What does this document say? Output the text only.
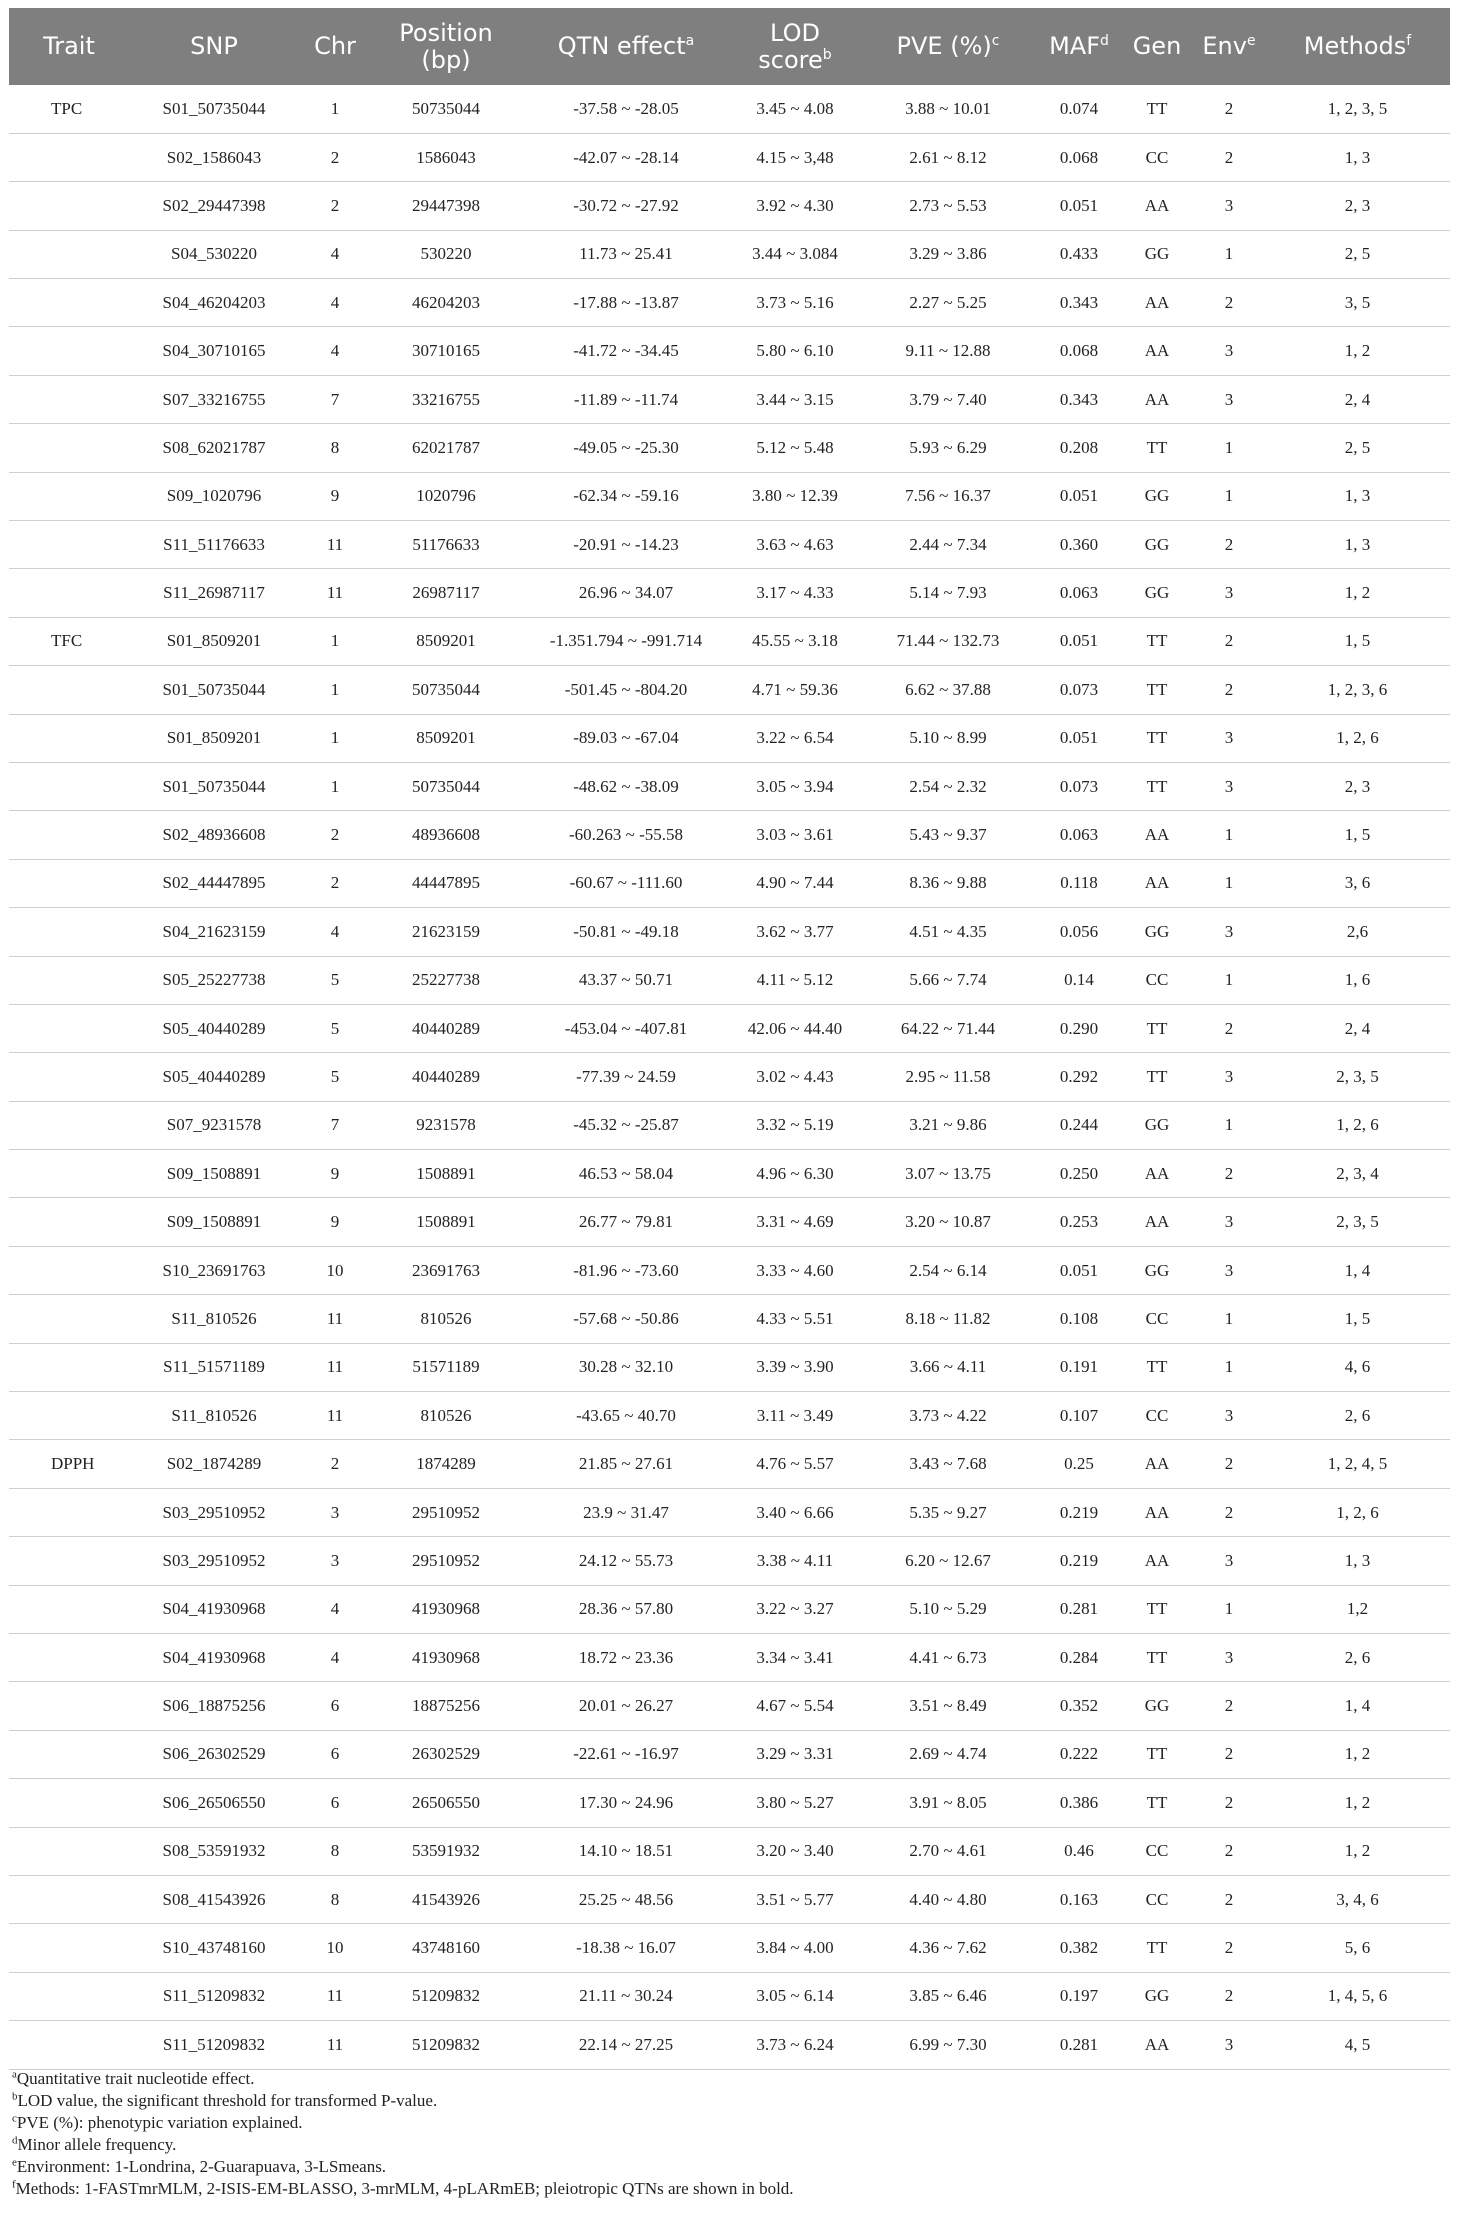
Trait	SNP	Chr	Position (bp)	QTN effect$^a$	LOD score$^b$	PVE (%)$^c$	MAF$^d$	Gen	Env$^e$	Methods$^f$
TPC	S01_50735044	1	50735044	-37.58 ~ -28.05	3.45 ~ 4.08	3.88 ~ 10.01	0.074	TT	2	1, 2, 3, 5
	S02_1586043	2	1586043	-42.07 ~ -28.14	4.15 ~ 3,48	2.61 ~ 8.12	0.068	CC	2	1, 3
	S02_29447398	2	29447398	-30.72 ~ -27.92	3.92 ~ 4.30	2.73 ~ 5.53	0.051	AA	3	2, 3
	S04_530220	4	530220	11.73 ~ 25.41	3.44 ~ 3.084	3.29 ~ 3.86	0.433	GG	1	2, 5
	S04_46204203	4	46204203	-17.88 ~ -13.87	3.73 ~ 5.16	2.27 ~ 5.25	0.343	AA	2	3, 5
	S04_30710165	4	30710165	-41.72 ~ -34.45	5.80 ~ 6.10	9.11 ~ 12.88	0.068	AA	3	1, 2
	S07_33216755	7	33216755	-11.89 ~ -11.74	3.44 ~ 3.15	3.79 ~ 7.40	0.343	AA	3	2, 4
	S08_62021787	8	62021787	-49.05 ~ -25.30	5.12 ~ 5.48	5.93 ~ 6.29	0.208	TT	1	2, 5
	S09_1020796	9	1020796	-62.34 ~ -59.16	3.80 ~ 12.39	7.56 ~ 16.37	0.051	GG	1	1, 3
	S11_51176633	11	51176633	-20.91 ~ -14.23	3.63 ~ 4.63	2.44 ~ 7.34	0.360	GG	2	1, 3
	S11_26987117	11	26987117	26.96 ~ 34.07	3.17 ~ 4.33	5.14 ~ 7.93	0.063	GG	3	1, 2
TFC	S01_8509201	1	8509201	-1.351.794 ~ -991.714	45.55 ~ 3.18	71.44 ~ 132.73	0.051	TT	2	1, 5
	S01_50735044	1	50735044	-501.45 ~ -804.20	4.71 ~ 59.36	6.62 ~ 37.88	0.073	TT	2	1, 2, 3, 6
	S01_8509201	1	8509201	-89.03 ~ -67.04	3.22 ~ 6.54	5.10 ~ 8.99	0.051	TT	3	1, 2, 6
	S01_50735044	1	50735044	-48.62 ~ -38.09	3.05 ~ 3.94	2.54 ~ 2.32	0.073	TT	3	2, 3
	S02_48936608	2	48936608	-60.263 ~ -55.58	3.03 ~ 3.61	5.43 ~ 9.37	0.063	AA	1	1, 5
	S02_44447895	2	44447895	-60.67 ~ -111.60	4.90 ~ 7.44	8.36 ~ 9.88	0.118	AA	1	3, 6
	S04_21623159	4	21623159	-50.81 ~ -49.18	3.62 ~ 3.77	4.51 ~ 4.35	0.056	GG	3	2,6
	S05_25227738	5	25227738	43.37 ~ 50.71	4.11 ~ 5.12	5.66 ~ 7.74	0.14	CC	1	1, 6
	S05_40440289	5	40440289	-453.04 ~ -407.81	42.06 ~ 44.40	64.22 ~ 71.44	0.290	TT	2	2, 4
	S05_40440289	5	40440289	-77.39 ~ 24.59	3.02 ~ 4.43	2.95 ~ 11.58	0.292	TT	3	2, 3, 5
	S07_9231578	7	9231578	-45.32 ~ -25.87	3.32 ~ 5.19	3.21 ~ 9.86	0.244	GG	1	1, 2, 6
	S09_1508891	9	1508891	46.53 ~ 58.04	4.96 ~ 6.30	3.07 ~ 13.75	0.250	AA	2	2, 3, 4
	S09_1508891	9	1508891	26.77 ~ 79.81	3.31 ~ 4.69	3.20 ~ 10.87	0.253	AA	3	2, 3, 5
	S10_23691763	10	23691763	-81.96 ~ -73.60	3.33 ~ 4.60	2.54 ~ 6.14	0.051	GG	3	1, 4
	S11_810526	11	810526	-57.68 ~ -50.86	4.33 ~ 5.51	8.18 ~ 11.82	0.108	CC	1	1, 5
	S11_51571189	11	51571189	30.28 ~ 32.10	3.39 ~ 3.90	3.66 ~ 4.11	0.191	TT	1	4, 6
	S11_810526	11	810526	-43.65 ~ 40.70	3.11 ~ 3.49	3.73 ~ 4.22	0.107	CC	3	2, 6
DPPH	S02_1874289	2	1874289	21.85 ~ 27.61	4.76 ~ 5.57	3.43 ~ 7.68	0.25	AA	2	1, 2, 4, 5
	S03_29510952	3	29510952	23.9 ~ 31.47	3.40 ~ 6.66	5.35 ~ 9.27	0.219	AA	2	1, 2, 6
	S03_29510952	3	29510952	24.12 ~ 55.73	3.38 ~ 4.11	6.20 ~ 12.67	0.219	AA	3	1, 3
	S04_41930968	4	41930968	28.36 ~ 57.80	3.22 ~ 3.27	5.10 ~ 5.29	0.281	TT	1	1,2
	S04_41930968	4	41930968	18.72 ~ 23.36	3.34 ~ 3.41	4.41 ~ 6.73	0.284	TT	3	2, 6
	S06_18875256	6	18875256	20.01 ~ 26.27	4.67 ~ 5.54	3.51 ~ 8.49	0.352	GG	2	1, 4
	S06_26302529	6	26302529	-22.61 ~ -16.97	3.29 ~ 3.31	2.69 ~ 4.74	0.222	TT	2	1, 2
	S06_26506550	6	26506550	17.30 ~ 24.96	3.80 ~ 5.27	3.91 ~ 8.05	0.386	TT	2	1, 2
	S08_53591932	8	53591932	14.10 ~ 18.51	3.20 ~ 3.40	2.70 ~ 4.61	0.46	CC	2	1, 2
	S08_41543926	8	41543926	25.25 ~ 48.56	3.51 ~ 5.77	4.40 ~ 4.80	0.163	CC	2	3, 4, 6
	S10_43748160	10	43748160	-18.38 ~ 16.07	3.84 ~ 4.00	4.36 ~ 7.62	0.382	TT	2	5, 6
	S11_51209832	11	51209832	21.11 ~ 30.24	3.05 ~ 6.14	3.85 ~ 6.46	0.197	GG	2	1, 4, 5, 6
	S11_51209832	11	51209832	22.14 ~ 27.25	3.73 ~ 6.24	6.99 ~ 7.30	0.281	AA	3	4, 5
$^a$Quantitative trait nucleotide effect.
$^b$LOD value, the significant threshold for transformed P-value.
$^c$PVE (%): phenotypic variation explained.
$^d$Minor allele frequency.
$^e$Environment: 1-Londrina, 2-Guarapuava, 3-LSmeans.
$^f$Methods: 1-FASTmrMLM, 2-ISIS-EM-BLASSO, 3-mrMLM, 4-pLARmEB; pleiotropic QTNs are shown in bold.
